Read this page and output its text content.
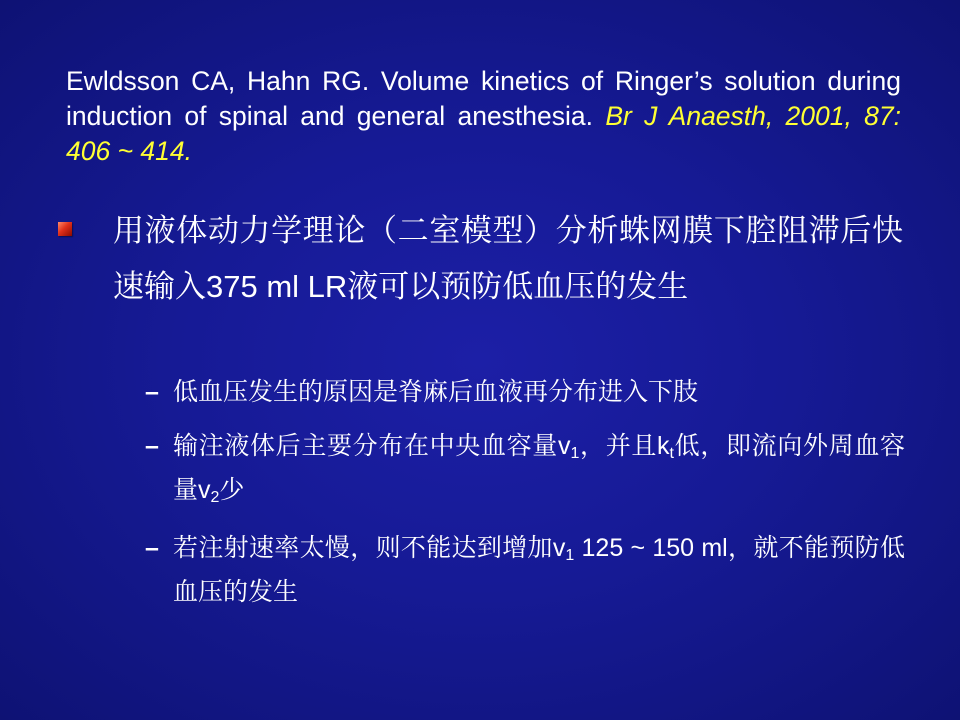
Ewldsson CA, Hahn RG. Volume kinetics of Ringer’s solution during induction of spinal and general anesthesia. Br J Anaesth, 2001, 87: 406 ~ 414.
用液体动力学理论（二室模型）分析蛛网膜下腔阻滞后快速输入375 ml LR液可以预防低血压的发生
– 低血压发生的原因是脊麻后血液再分布进入下肢
– 输注液体后主要分布在中央血容量$v_1$，并且$k_t$低，即流向外周血容量$v_2$少
– 若注射速率太慢，则不能达到增加$v_1$ 125 ~ 150 ml，就不能预防低血压的发生
